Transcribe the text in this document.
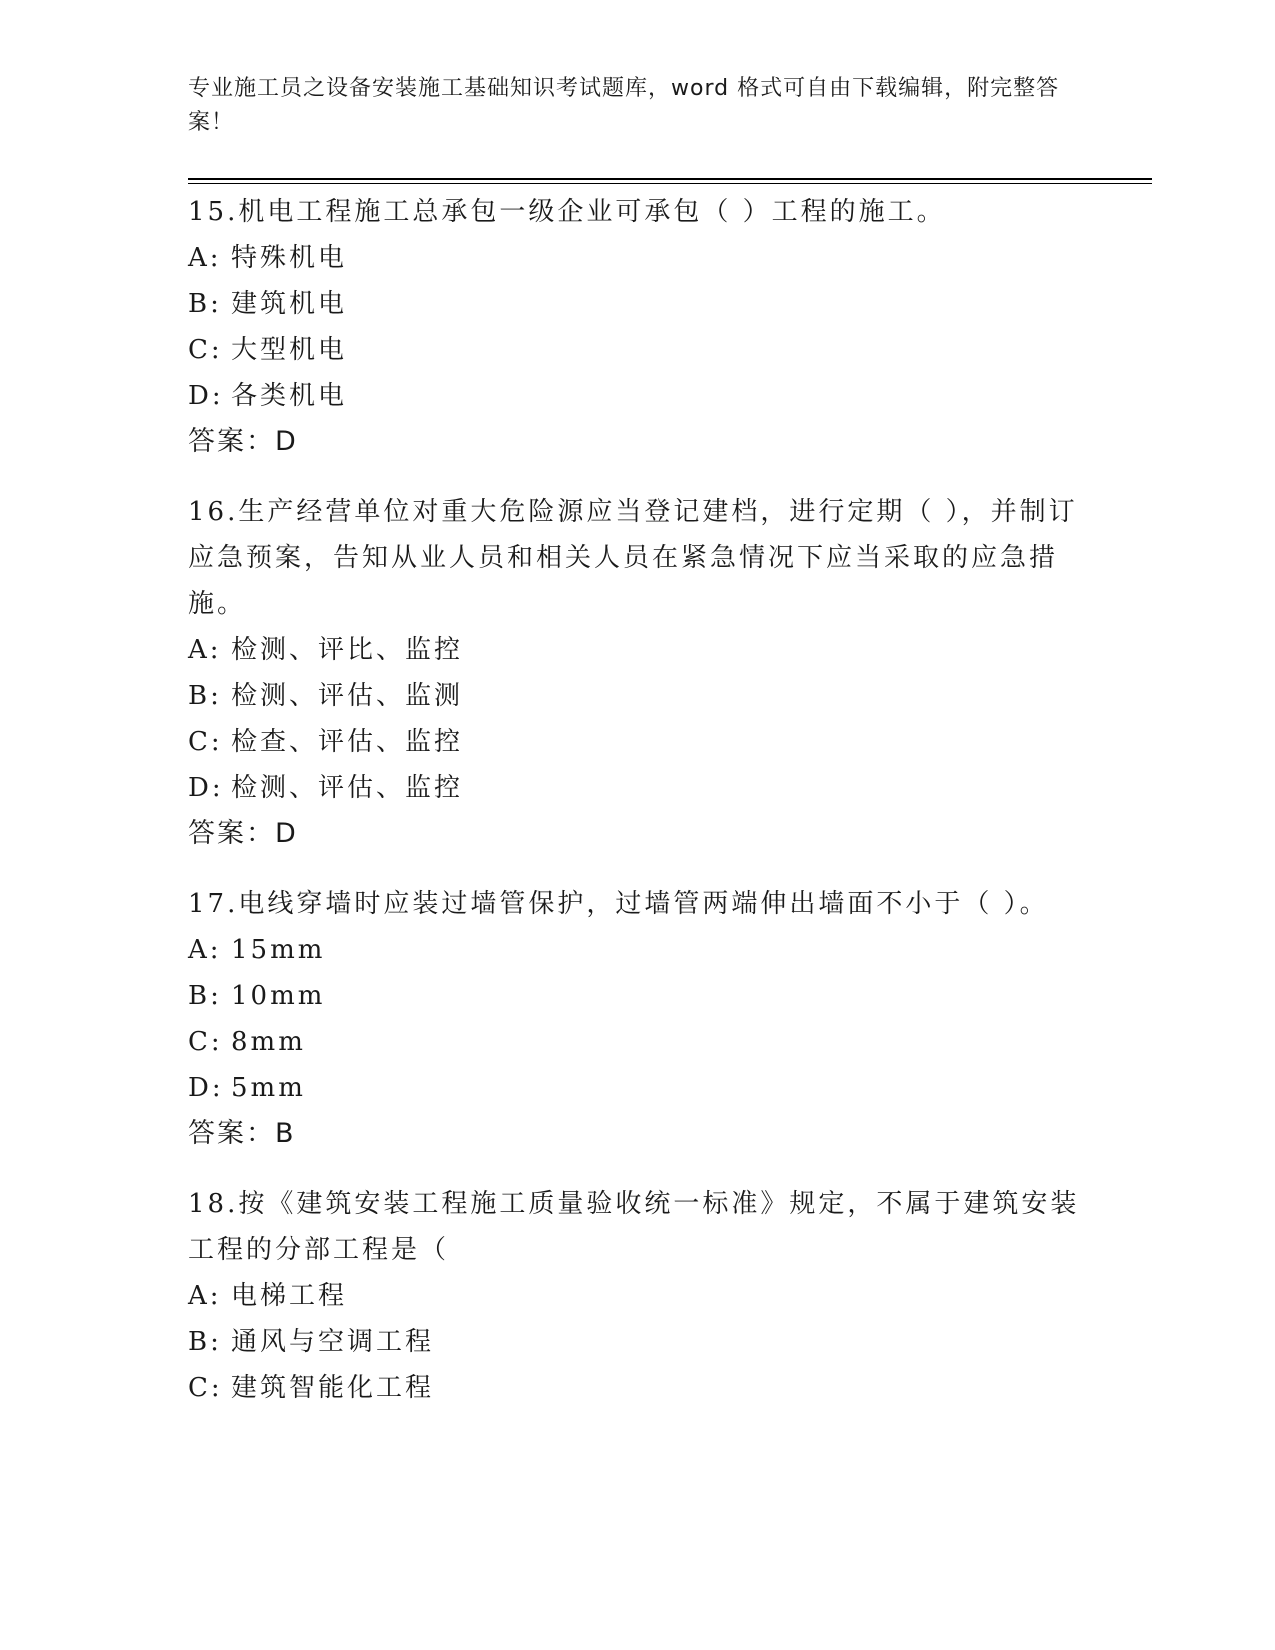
专业施工员之设备安装施工基础知识考试题库，word 格式可自由下载编辑，附完整答案！

15.机电工程施工总承包一级企业可承包（ ）工程的施工。

A: 特殊机电

B: 建筑机电

C: 大型机电

D: 各类机电

答案：D

16.生产经营单位对重大危险源应当登记建档，进行定期（ ），并制订应急预案，告知从业人员和相关人员在紧急情况下应当采取的应急措施。

A: 检测、评比、监控

B: 检测、评估、监测

C: 检查、评估、监控

D: 检测、评估、监控

答案：D

17.电线穿墙时应装过墙管保护，过墙管两端伸出墙面不小于（ ）。

A: 15mm

B: 10mm

C: 8mm

D: 5mm

答案：B

18.按《建筑安装工程施工质量验收统一标准》规定，不属于建筑安装工程的分部工程是（

A: 电梯工程

B: 通风与空调工程

C: 建筑智能化工程
